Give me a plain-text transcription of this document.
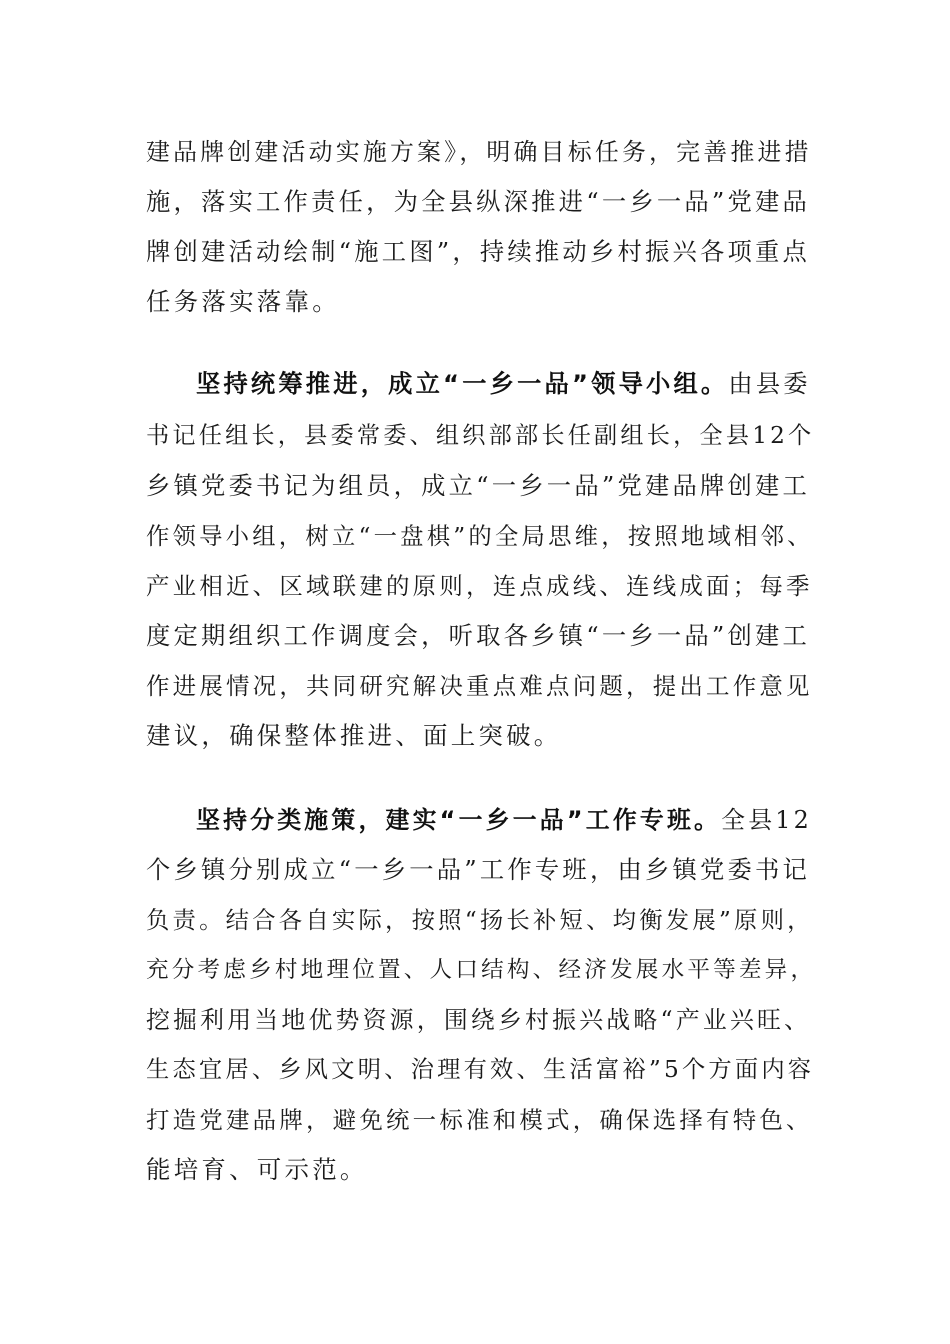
建品牌创建活动实施方案》，明确目标任务，完善推进措

施，落实工作责任，为全县纵深推进“一乡一品”党建品

牌创建活动绘制“施工图”，持续推动乡村振兴各项重点

任务落实落靠。

坚持统筹推进，成立“一乡一品”领导小组。由县委

书记任组长，县委常委、组织部部长任副组长，全县12个

乡镇党委书记为组员，成立“一乡一品”党建品牌创建工

作领导小组，树立“一盘棋”的全局思维，按照地域相邻、

产业相近、区域联建的原则，连点成线、连线成面；每季

度定期组织工作调度会，听取各乡镇“一乡一品”创建工

作进展情况，共同研究解决重点难点问题，提出工作意见

建议，确保整体推进、面上突破。

坚持分类施策，建实“一乡一品”工作专班。全县12

个乡镇分别成立“一乡一品”工作专班，由乡镇党委书记

负责。结合各自实际，按照“扬长补短、均衡发展”原则，

充分考虑乡村地理位置、人口结构、经济发展水平等差异，

挖掘利用当地优势资源，围绕乡村振兴战略“产业兴旺、

生态宜居、乡风文明、治理有效、生活富裕”5个方面内容

打造党建品牌，避免统一标准和模式，确保选择有特色、

能培育、可示范。
